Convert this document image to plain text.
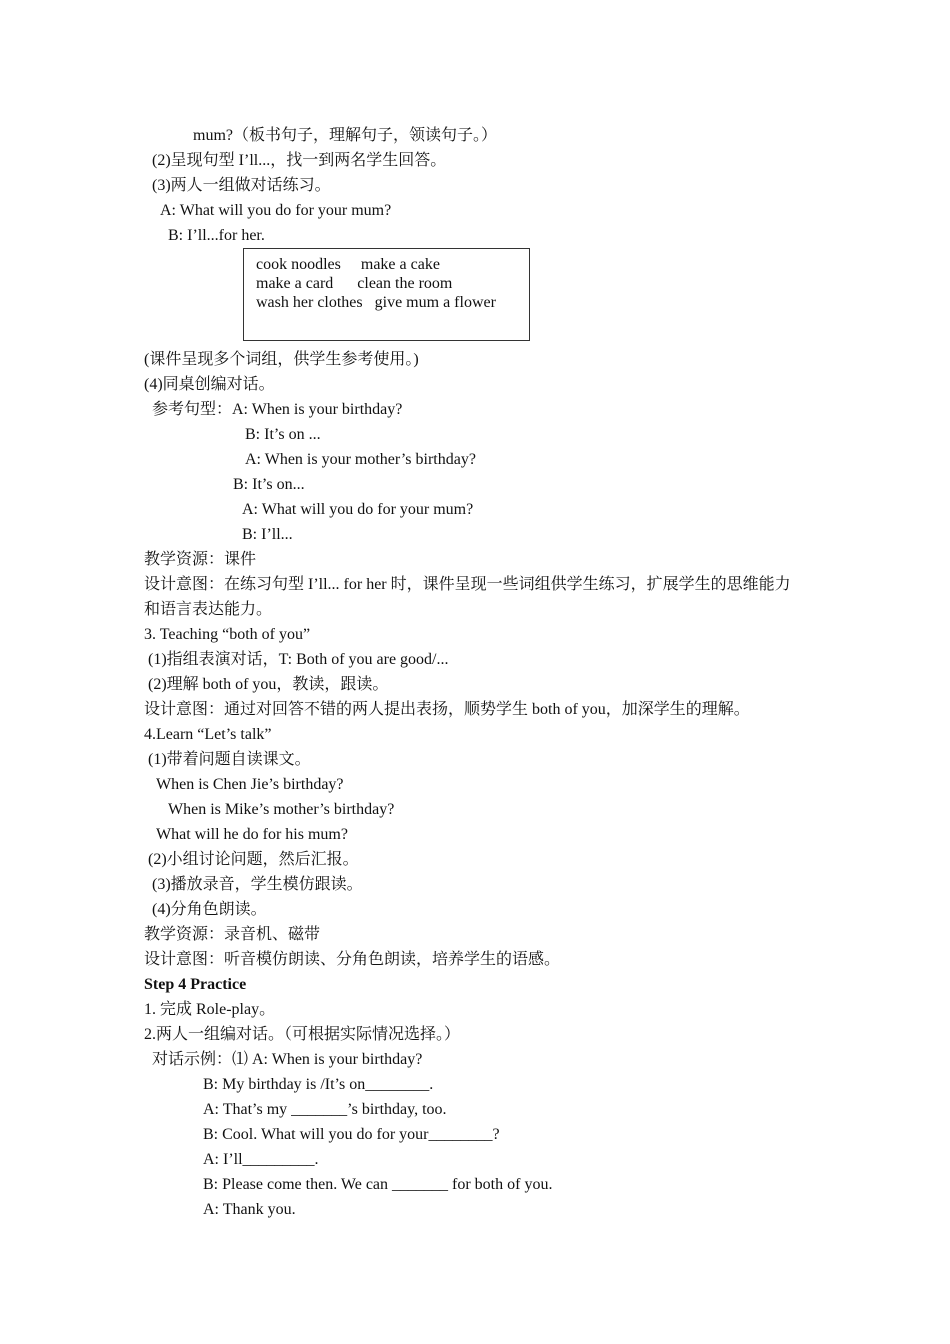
mum?（板书句子，理解句子，领读句子。）
(2)呈现句型 I’ll...，找一到两名学生回答。
(3)两人一组做对话练习。
A: What will you do for your mum?
B: I’ll...for her.
cook noodles     make a cake
make a card      clean the room
wash her clothes   give mum a flower
(课件呈现多个词组，供学生参考使用。)
(4)同桌创编对话。
参考句型：A: When is your birthday?
B: It’s on ...
A: When is your mother’s birthday?
B: It’s on...
A: What will you do for your mum?
B: I’ll...
教学资源：课件
设计意图：在练习句型 I’ll... for her 时，课件呈现一些词组供学生练习，扩展学生的思维能力
和语言表达能力。
3. Teaching “both of you”
(1)指组表演对话，T: Both of you are good/...
(2)理解 both of you，教读，跟读。
设计意图：通过对回答不错的两人提出表扬，顺势学生 both of you，加深学生的理解。
4.Learn “Let’s talk”
(1)带着问题自读课文。
When is Chen Jie’s birthday?
When is Mike’s mother’s birthday?
What will he do for his mum?
(2)小组讨论问题，然后汇报。
(3)播放录音，学生模仿跟读。
(4)分角色朗读。
教学资源：录音机、磁带
设计意图：听音模仿朗读、分角色朗读，培养学生的语感。
Step 4 Practice
1. 完成 Role-play。
2.两人一组编对话。（可根据实际情况选择。）
对话示例：⑴ A: When is your birthday?
B: My birthday is /It’s on________.
A: That’s my _______’s birthday, too.
B: Cool. What will you do for your________?
A: I’ll_________.
B: Please come then. We can _______ for both of you.
A: Thank you.
